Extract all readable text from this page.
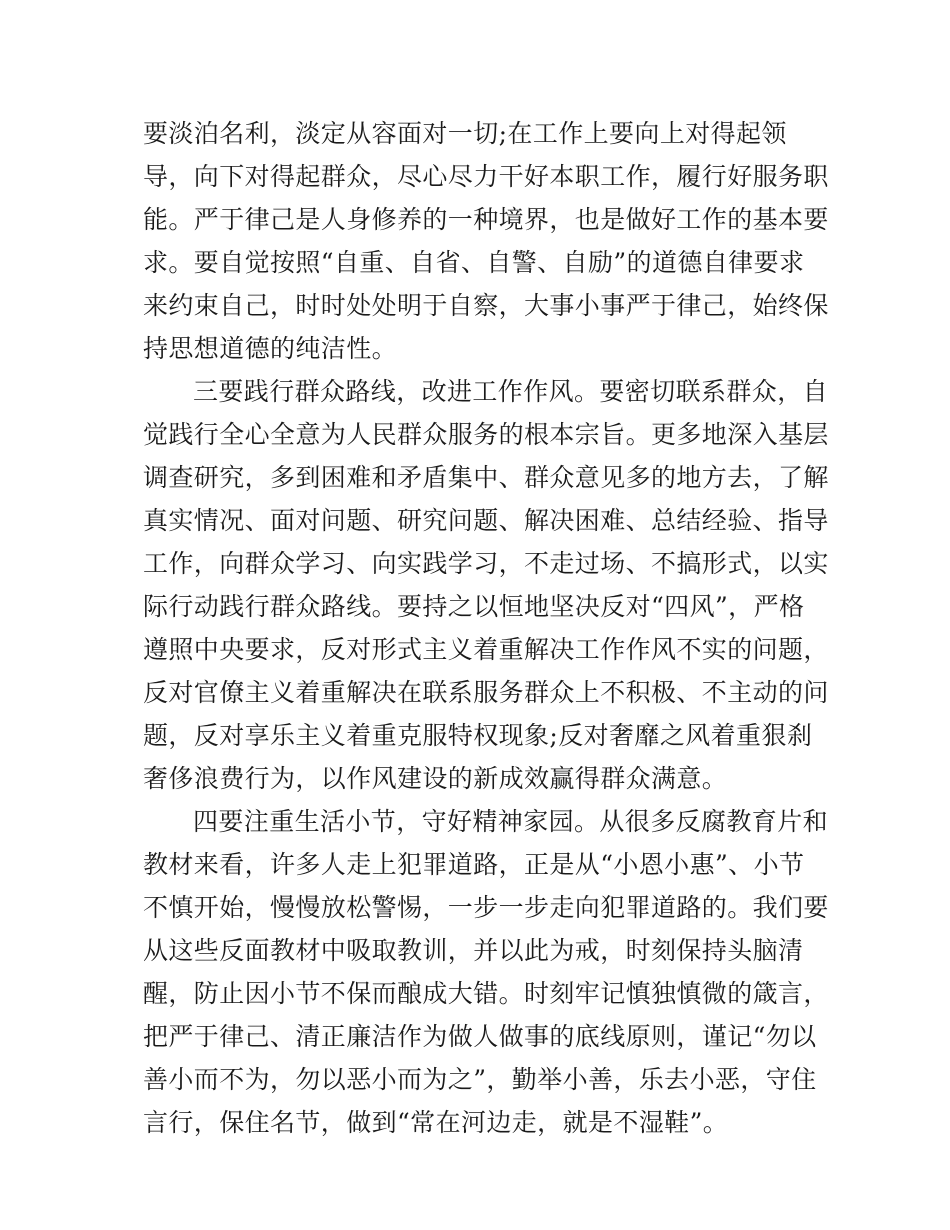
要淡泊名利，淡定从容面对一切;在工作上要向上对得起领
导，向下对得起群众，尽心尽力干好本职工作，履行好服务职
能。严于律己是人身修养的一种境界，也是做好工作的基本要
求。要自觉按照“自重、自省、自警、自励”的道德自律要求
来约束自己，时时处处明于自察，大事小事严于律己，始终保
持思想道德的纯洁性。
三要践行群众路线，改进工作作风。要密切联系群众，自
觉践行全心全意为人民群众服务的根本宗旨。更多地深入基层
调查研究，多到困难和矛盾集中、群众意见多的地方去，了解
真实情况、面对问题、研究问题、解决困难、总结经验、指导
工作，向群众学习、向实践学习，不走过场、不搞形式，以实
际行动践行群众路线。要持之以恒地坚决反对“四风”，严格
遵照中央要求，反对形式主义着重解决工作作风不实的问题，
反对官僚主义着重解决在联系服务群众上不积极、不主动的问
题，反对享乐主义着重克服特权现象;反对奢靡之风着重狠刹
奢侈浪费行为，以作风建设的新成效赢得群众满意。
四要注重生活小节，守好精神家园。从很多反腐教育片和
教材来看，许多人走上犯罪道路，正是从“小恩小惠”、小节
不慎开始，慢慢放松警惕，一步一步走向犯罪道路的。我们要
从这些反面教材中吸取教训，并以此为戒，时刻保持头脑清
醒，防止因小节不保而酿成大错。时刻牢记慎独慎微的箴言，
把严于律己、清正廉洁作为做人做事的底线原则，谨记“勿以
善小而不为，勿以恶小而为之”，勤举小善，乐去小恶，守住
言行，保住名节，做到“常在河边走，就是不湿鞋”。
